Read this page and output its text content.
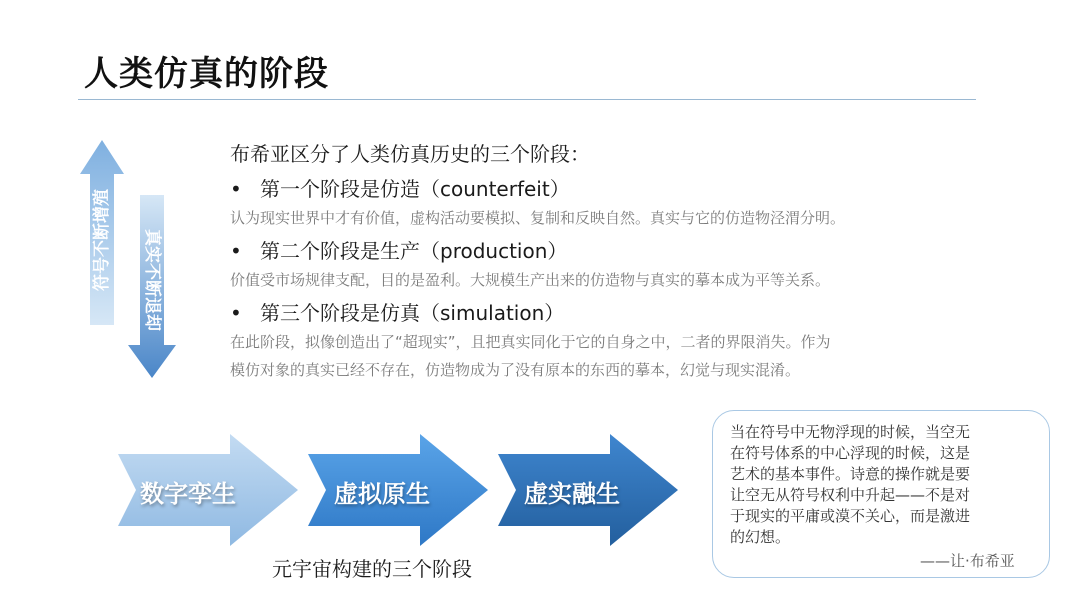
人类仿真的阶段
符号不断增殖 真实不断退却
布希亚区分了人类仿真历史的三个阶段：
• 第一个阶段是仿造（counterfeit）
认为现实世界中才有价值，虚构活动要模拟、复制和反映自然。真实与它的仿造物泾渭分明。
• 第二个阶段是生产（production）
价值受市场规律支配，目的是盈利。大规模生产出来的仿造物与真实的摹本成为平等关系。
• 第三个阶段是仿真（simulation）
在此阶段，拟像创造出了“超现实”，且把真实同化于它的自身之中，二者的界限消失。作为
模仿对象的真实已经不存在，仿造物成为了没有原本的东西的摹本，幻觉与现实混淆。
数字孪生	虚拟原生	虚实融生
元宇宙构建的三个阶段
当在符号中无物浮现的时候，当空无
在符号体系的中心浮现的时候，这是
艺术的基本事件。诗意的操作就是要
让空无从符号权利中升起——不是对
于现实的平庸或漠不关心，而是激进
的幻想。
——让·布希亚
